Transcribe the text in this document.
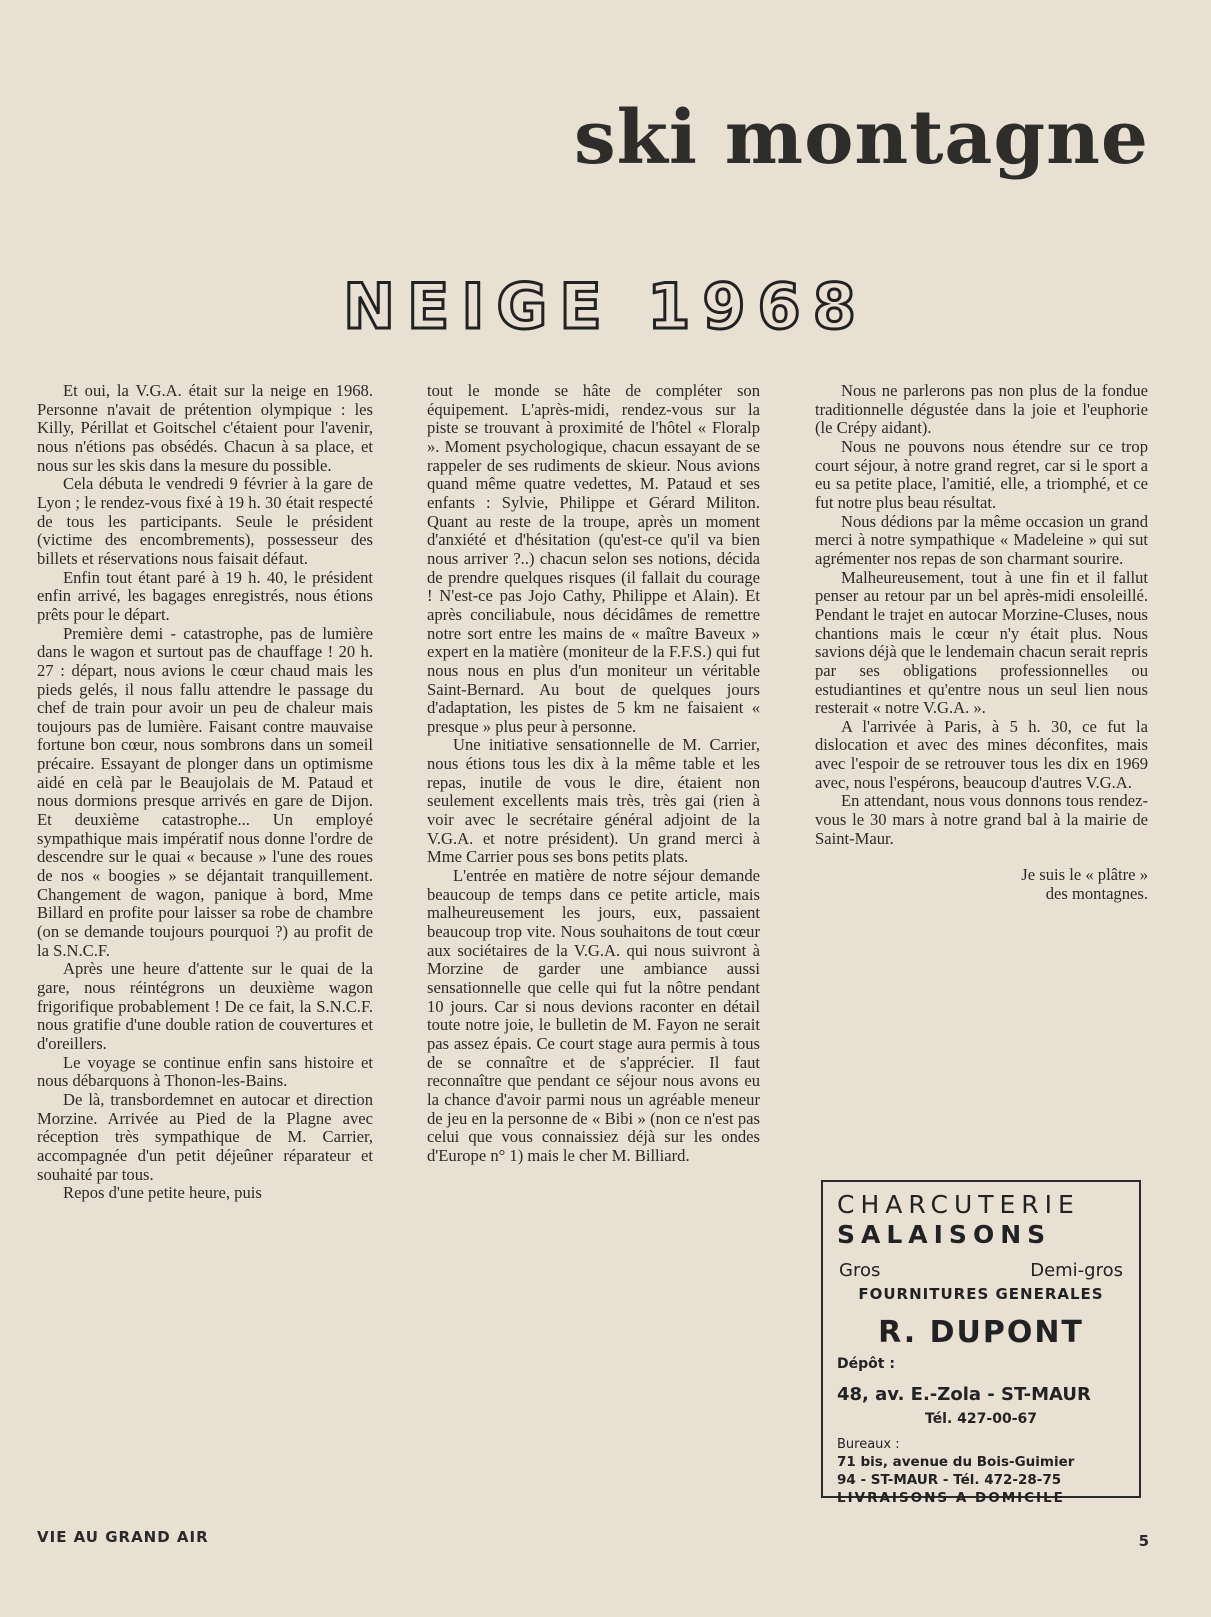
ski montagne
NEIGE 1968

Et oui, la V.G.A. était sur la neige en 1968. Personne n'avait de prétention olympique : les Killy, Périllat et Goitschel c'étaient pour l'avenir, nous n'étions pas obsédés. Chacun à sa place, et nous sur les skis dans la mesure du possible.

Cela débuta le vendredi 9 février à la gare de Lyon ; le rendez-vous fixé à 19 h. 30 était respecté de tous les participants. Seule le président (victime des encombrements), possesseur des billets et réservations nous faisait défaut.

Enfin tout étant paré à 19 h. 40, le président enfin arrivé, les bagages enregistrés, nous étions prêts pour le départ.

Première demi - catastrophe, pas de lumière dans le wagon et surtout pas de chauffage ! 20 h. 27 : départ, nous avions le cœur chaud mais les pieds gelés, il nous fallu attendre le passage du chef de train pour avoir un peu de chaleur mais toujours pas de lumière. Faisant contre mauvaise fortune bon cœur, nous sombrons dans un someil précaire. Essayant de plonger dans un optimisme aidé en celà par le Beaujolais de M. Pataud et nous dormions presque arrivés en gare de Dijon. Et deuxième catastrophe... Un employé sympathique mais impératif nous donne l'ordre de descendre sur le quai « because » l'une des roues de nos « boogies » se déjantait tranquillement. Changement de wagon, panique à bord, Mme Billard en profite pour laisser sa robe de chambre (on se demande toujours pourquoi ?) au profit de la S.N.C.F.

Après une heure d'attente sur le quai de la gare, nous réintégrons un deuxième wagon frigorifique probablement ! De ce fait, la S.N.C.F. nous gratifie d'une double ration de couvertures et d'oreillers.

Le voyage se continue enfin sans histoire et nous débarquons à Thonon-les-Bains.

De là, transbordemnet en autocar et direction Morzine. Arrivée au Pied de la Plagne avec réception très sympathique de M. Carrier, accompagnée d'un petit déjeûner réparateur et souhaité par tous.

Repos d'une petite heure, puis

tout le monde se hâte de compléter son équipement. L'après-midi, rendez-vous sur la piste se trouvant à proximité de l'hôtel « Floralp ». Moment psychologique, chacun essayant de se rappeler de ses rudiments de skieur. Nous avions quand même quatre vedettes, M. Pataud et ses enfants : Sylvie, Philippe et Gérard Militon. Quant au reste de la troupe, après un moment d'anxiété et d'hésitation (qu'est-ce qu'il va bien nous arriver ?..) chacun selon ses notions, décida de prendre quelques risques (il fallait du courage ! N'est-ce pas Jojo Cathy, Philippe et Alain). Et après conciliabule, nous décidâmes de remettre notre sort entre les mains de « maître Baveux » expert en la matière (moniteur de la F.F.S.) qui fut nous nous en plus d'un moniteur un véritable Saint-Bernard. Au bout de quelques jours d'adaptation, les pistes de 5 km ne faisaient « presque » plus peur à personne.

Une initiative sensationnelle de M. Carrier, nous étions tous les dix à la même table et les repas, inutile de vous le dire, étaient non seulement excellents mais très, très gai (rien à voir avec le secrétaire général adjoint de la V.G.A. et notre président). Un grand merci à Mme Carrier pous ses bons petits plats.

L'entrée en matière de notre séjour demande beaucoup de temps dans ce petite article, mais malheureusement les jours, eux, passaient beaucoup trop vite. Nous souhaitons de tout cœur aux sociétaires de la V.G.A. qui nous suivront à Morzine de garder une ambiance aussi sensationnelle que celle qui fut la nôtre pendant 10 jours. Car si nous devions raconter en détail toute notre joie, le bulletin de M. Fayon ne serait pas assez épais. Ce court stage aura permis à tous de se connaître et de s'apprécier. Il faut reconnaître que pendant ce séjour nous avons eu la chance d'avoir parmi nous un agréable meneur de jeu en la personne de « Bibi » (non ce n'est pas celui que vous connaissiez déjà sur les ondes d'Europe n° 1) mais le cher M. Billiard.

Nous ne parlerons pas non plus de la fondue traditionnelle dégustée dans la joie et l'euphorie (le Crépy aidant).

Nous ne pouvons nous étendre sur ce trop court séjour, à notre grand regret, car si le sport a eu sa petite place, l'amitié, elle, a triomphé, et ce fut notre plus beau résultat.

Nous dédions par la même occasion un grand merci à notre sympathique « Madeleine » qui sut agrémenter nos repas de son charmant sourire.

Malheureusement, tout à une fin et il fallut penser au retour par un bel après-midi ensoleillé. Pendant le trajet en autocar Morzine-Cluses, nous chantions mais le cœur n'y était plus. Nous savions déjà que le lendemain chacun serait repris par ses obligations professionnelles ou estudiantines et qu'entre nous un seul lien nous resterait « notre V.G.A. ».

A l'arrivée à Paris, à 5 h. 30, ce fut la dislocation et avec des mines déconfites, mais avec l'espoir de se retrouver tous les dix en 1969 avec, nous l'espérons, beaucoup d'autres V.G.A.

En attendant, nous vous donnons tous rendez-vous le 30 mars à notre grand bal à la mairie de Saint-Maur.

Je suis le « plâtre »
des montagnes.

CHARCUTERIE
SALAISONS
Gros	Demi-gros
FOURNITURES GENERALES
R. DUPONT
Dépôt :
48, av. E.-Zola - ST-MAUR
Tél. 427-00-67
Bureaux :
71 bis, avenue du Bois-Guimier
94 - ST-MAUR - Tél. 472-28-75
LIVRAISONS A DOMICILE
VIE AU GRAND AIR	5
